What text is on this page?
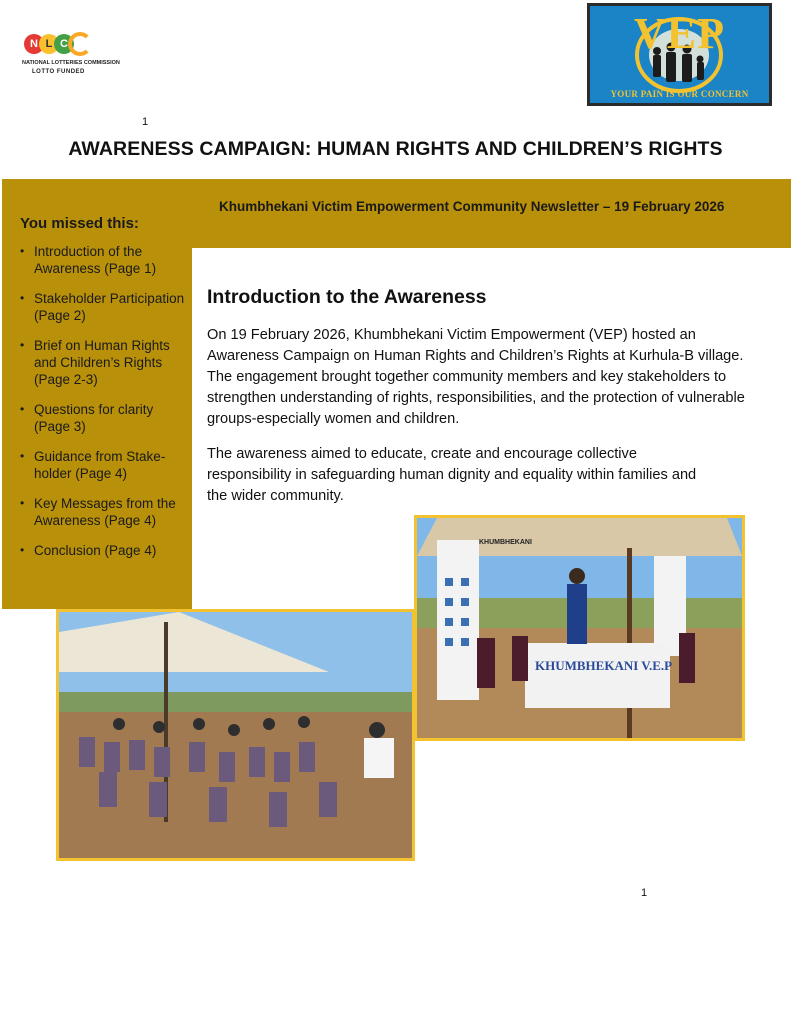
N L C
NATIONAL LOTTERIES COMMISSION
LOTTO FUNDED
VEP
YOUR PAIN IS OUR CONCERN
1
AWARENESS CAMPAIGN: HUMAN RIGHTS AND CHILDREN’S RIGHTS
You missed this:
• Introduction of the Awareness (Page 1)
• Stakeholder Participation (Page 2)
• Brief on Human Rights and Children’s Rights (Page 2-3)
• Questions for clarity (Page 3)
• Guidance from Stake-holder (Page 4)
• Key Messages from the Awareness (Page 4)
• Conclusion (Page 4)
Khumbhekani Victim Empowerment Community Newsletter – 19 February 2026
Introduction to the Awareness
On 19 February 2026, Khumbhekani Victim Empowerment (VEP) hosted an Awareness Campaign on Human Rights and Children’s Rights at Kurhula-B village. The engagement brought together community members and key stakeholders to strengthen understanding of rights, responsibilities, and the protection of vulnerable groups-especially women and children.
The awareness aimed to educate, create and encourage collective responsibility in safeguarding human dignity and equality within families and the wider community.
KHUMBHEKANI
KHUMBHEKANI V.E.P
1
